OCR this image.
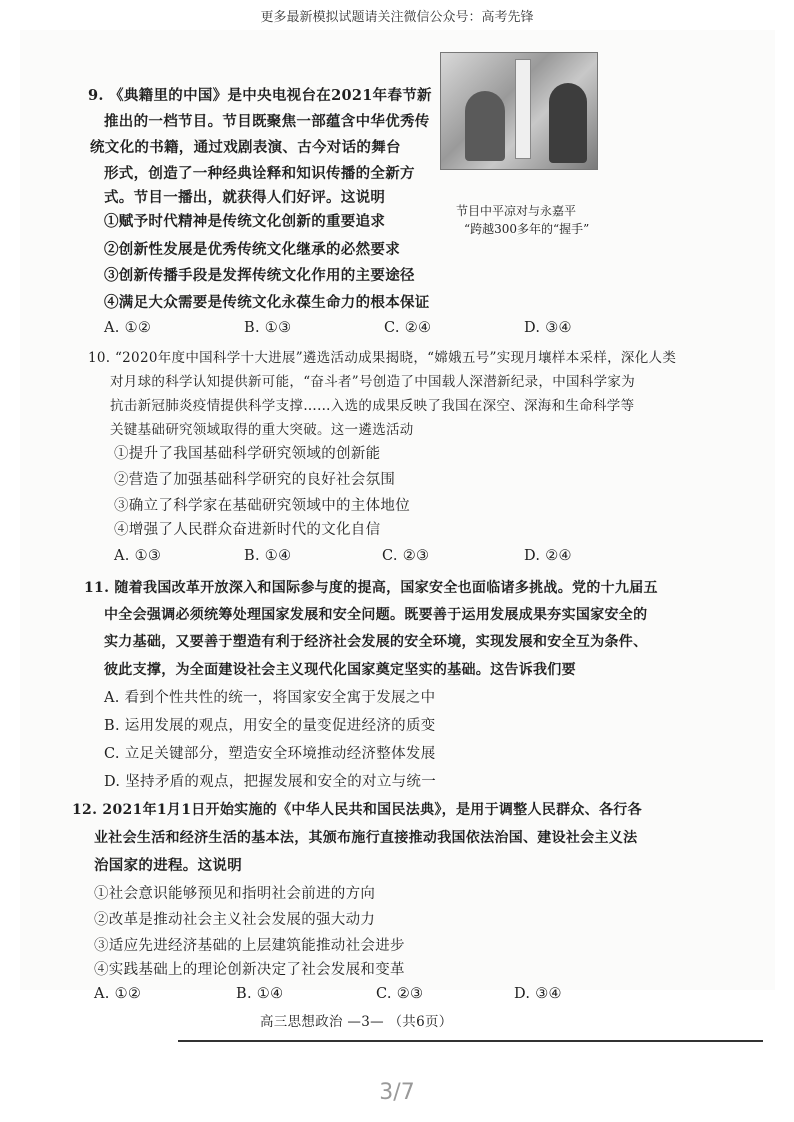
更多最新模拟试题请关注微信公众号：高考先锋
节目中平凉对与永嘉平
“跨越300多年的“握手”
9. 《典籍里的中国》是中央电视台在2021年春节新
推出的一档节目。节目既聚焦一部蕴含中华优秀传
统文化的书籍，通过戏剧表演、古今对话的舞台
形式，创造了一种经典诠释和知识传播的全新方
式。节目一播出，就获得人们好评。这说明
①赋予时代精神是传统文化创新的重要追求
②创新性发展是优秀传统文化继承的必然要求
③创新传播手段是发挥传统文化作用的主要途径
④满足大众需要是传统文化永葆生命力的根本保证
A. ①②	B. ①③	C. ②④	D. ③④
10. “2020年度中国科学十大进展”遴选活动成果揭晓，“嫦娥五号”实现月壤样本采样，深化人类
对月球的科学认知提供新可能，“奋斗者”号创造了中国载人深潜新纪录，中国科学家为
抗击新冠肺炎疫情提供科学支撑……入选的成果反映了我国在深空、深海和生命科学等
关键基础研究领域取得的重大突破。这一遴选活动
①提升了我国基础科学研究领域的创新能
②营造了加强基础科学研究的良好社会氛围
③确立了科学家在基础研究领域中的主体地位
④增强了人民群众奋进新时代的文化自信
A. ①③	B. ①④	C. ②③	D. ②④
11. 随着我国改革开放深入和国际参与度的提高，国家安全也面临诸多挑战。党的十九届五
中全会强调必须统筹处理国家发展和安全问题。既要善于运用发展成果夯实国家安全的
实力基础，又要善于塑造有利于经济社会发展的安全环境，实现发展和安全互为条件、
彼此支撑，为全面建设社会主义现代化国家奠定坚实的基础。这告诉我们要
A. 看到个性共性的统一，将国家安全寓于发展之中
B. 运用发展的观点，用安全的量变促进经济的质变
C. 立足关键部分，塑造安全环境推动经济整体发展
D. 坚持矛盾的观点，把握发展和安全的对立与统一
12. 2021年1月1日开始实施的《中华人民共和国民法典》，是用于调整人民群众、各行各
业社会生活和经济生活的基本法，其颁布施行直接推动我国依法治国、建设社会主义法
治国家的进程。这说明
①社会意识能够预见和指明社会前进的方向
②改革是推动社会主义社会发展的强大动力
③适应先进经济基础的上层建筑能推动社会进步
④实践基础上的理论创新决定了社会发展和变革
A. ①②	B. ①④	C. ②③	D. ③④
高三思想政治 —3— （共6页）
3/7
